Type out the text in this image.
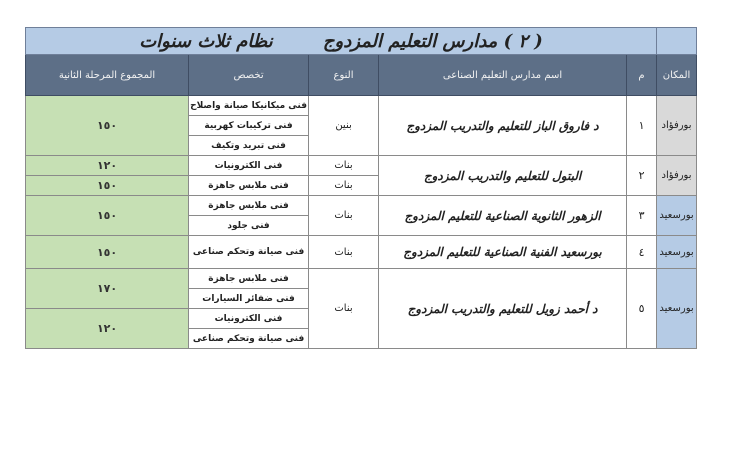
	( ٢ ) مدارس التعليم المزدوج نظام ثلاث سنوات				
المكان	م	اسم مدارس التعليم الصناعى	النوع	تخصص	المجموع المرحلة الثانية
بورفؤاد	١	د فاروق الباز للتعليم والتدريب المزدوج	بنين	فنى ميكانيكا صيانة واصلاح	١٥٠
				فنى تركيبات كهربية	
				فنى تبريد وتكيف	
بورفؤاد	٢	البتول للتعليم والتدريب المزدوج	بنات	فنى الكترونيات	١٢٠
			بنات	فنى ملابس جاهزة	١٥٠
بورسعيد	٣	الزهور الثانوية الصناعية للتعليم المزدوج	بنات	فنى ملابس جاهزة	١٥٠
				فنى جلود	
بورسعيد	٤	بورسعيد الفنية الصناعية للتعليم المزدوج	بنات	فنى صيانة وتحكم صناعى	١٥٠
بورسعيد	٥	د أحمد زويل للتعليم والتدريب المزدوج	بنات	فنى ملابس جاهزة	١٧٠
				فنى ضفائر السيارات	
				فنى الكترونيات	١٢٠
				فنى صيانة وتحكم صناعى	
